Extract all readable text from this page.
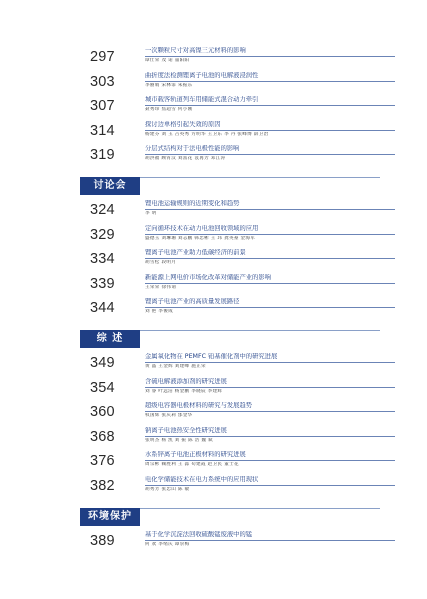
297	一次颗粒尺寸对高镍三元材料的影响
谭仕荣 茂 诺 董阳阳
303	曲折度法检测锂离子电池的电解液浸润性
李丽娟 宋林霏 朱振东
307	城市载客轨道列车用储能式混合动力牵引
聂秀珍 焦超雪 何小刚
314	探讨边单格引起失效的原因
杨建芬 刘 玉 占英秀 方明华 王卫东 李 丹 张峰博 薛卫治
319	分层式结构对于法电极性能的影响
胡洪福 顾宵汉 刘富花 袁再芳 邓江涛
讨论会
324	锂电池运输规则的近期变化和趋势
李 明
329	定向循环技术在动力电池回收领域的应用
盛德玉 刘琳珊 刘志鹏 韩忠彬 王 玮 龚英豪 金海军
334	锂离子电池产业助力低碳经济的前景
胡雪松 段明月
339	新能源上网电价市场化改革对储能产业的影响
王荣荣 徐伟谓
344	锂离子电池产业的高质量发展路径
刘 艳 李俊成
综 述
349	金属氧化物在 PEMFC 铂基催化剂中的研究进展
黄 晶 王金辉 刘建峰 施正荣
354	含硫电解液添加剂的研究进展
刘 睿 叶远洁 杨金鹏 李晓辰 李建辉
360	超级电容器电极材料的研究与发展趋势
权国辉 张庆莉 邰金华
368	钠离子电池热安全性研究进展
张明杰 杨 凯 刘 振 陈 浩 魏 斌
376	水系锌离子电池正极材料的研究进展
周宗彬 赖胜利 王 淼 苟建霞 赵卫民 董士花
382	电化学储能技术在电力系统中的应用现状
胡秀芳 张忠山 陈 敏
环境保护
389	基于化学沉淀法回收硫酸锰废液中的锰
何 欢 李绪庆 谭崇梅
